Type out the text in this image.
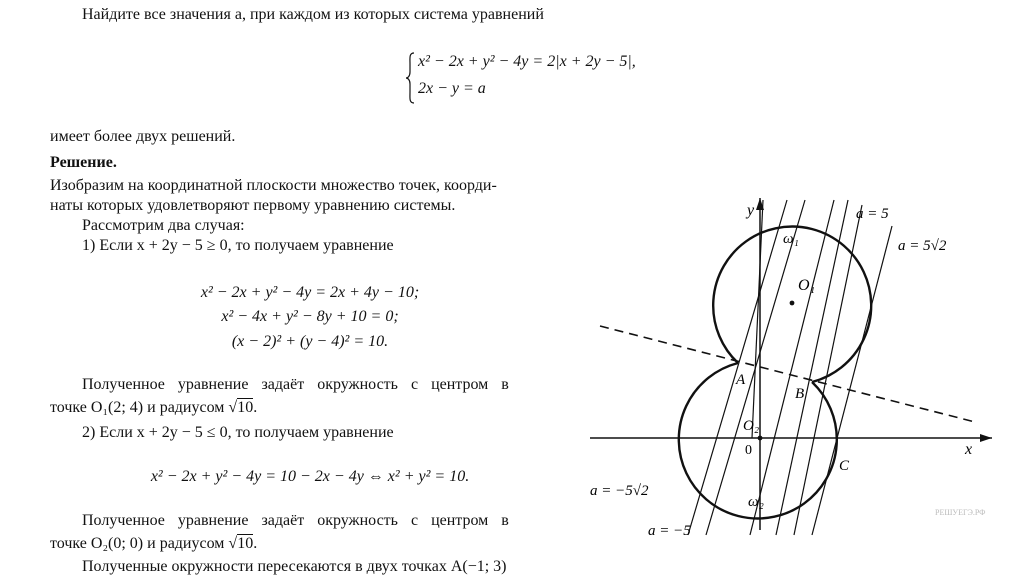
Найдите все значения a, при каждом из которых система уравнений
x² − 2x + y² − 4y = 2|x + 2y − 5|,
2x − y = a
имеет более двух решений.
Решение.
Изобразим на координатной плоскости множество точек, коорди-
наты которых удовлетворяют первому уравнению системы.
Рассмотрим два случая:
1) Если x + 2y − 5 ≥ 0, то получаем уравнение
x² − 2x + y² − 4y = 2x + 4y − 10;
x² − 4x + y² − 8y + 10 = 0;
(x − 2)² + (y − 4)² = 10.
Полученное уравнение задаёт окружность с центром в
точке O₁(2; 4) и радиусом √10.
2) Если x + 2y − 5 ≤ 0, то получаем уравнение
x² − 2x + y² − 4y = 10 − 2x − 4y ⇔ x² + y² = 10.
Полученное уравнение задаёт окружность с центром в
точке O₂(0; 0) и радиусом √10.
Полученные окружности пересекаются в двух точках A(−1; 3)
y
x
0
ω₁
ω₂
O₁
O₂
A
B
C
a = 5
a = 5√2
a = −5√2
a = −5
РЕШУЕГЭ.РФ
